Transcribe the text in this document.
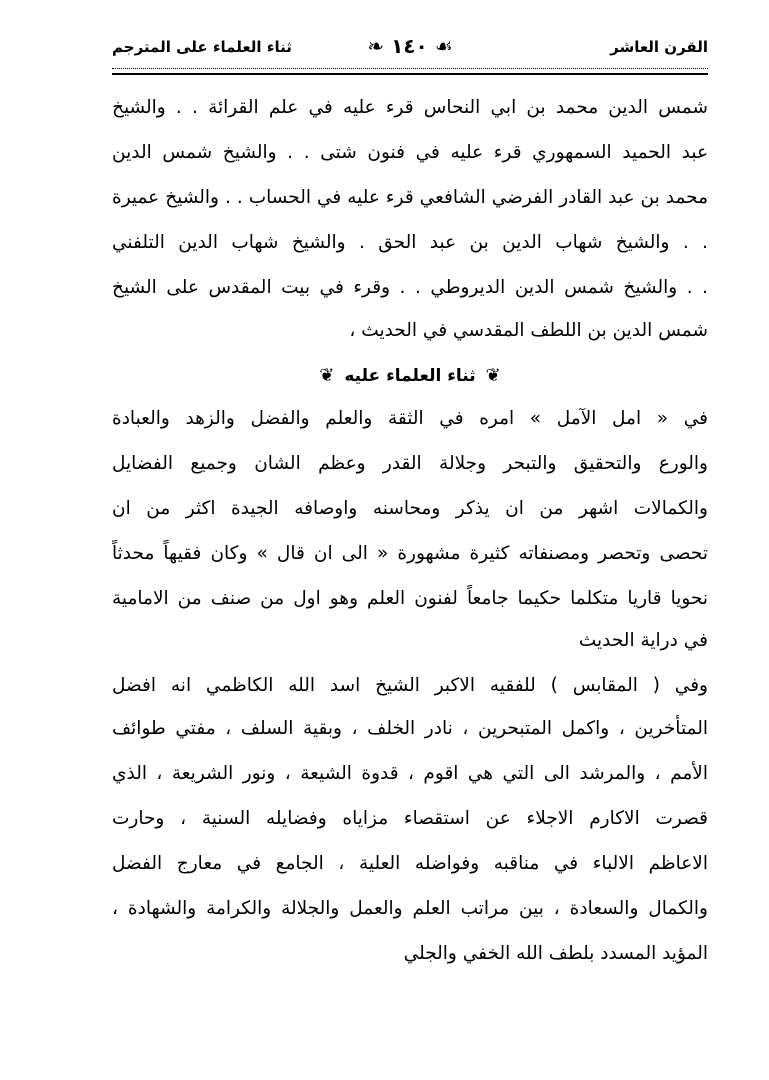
القرن العاشر
❧ ١٤٠ ☙
ثناء العلماء على المترجم
شمس الدين محمد بن ابي النحاس قرء عليه في علم القرائة . . والشيخ
عبد الحميد السمهوري قرء عليه في فنون شتى . . والشيخ شمس الدين
محمد بن عبد القادر الفرضي الشافعي قرء عليه في الحساب . . والشيخ عميرة
. . والشيخ شهاب الدين بن عبد الحق . والشيخ شهاب الدين التلفني
. . والشيخ شمس الدين الديروطي . . وقرء في بيت المقدس على الشيخ
شمس الدين بن اللطف المقدسي في الحديث ،
❦ثناء العلماء عليه❦
في « امل الآمل » امره في الثقة والعلم والفضل والزهد والعبادة
والورع والتحقيق والتبحر وجلالة القدر وعظم الشان وجميع الفضايل
والكمالات اشهر من ان يذكر ومحاسنه واوصافه الجيدة اكثر من ان
تحصى وتحصر ومصنفاته كثيرة مشهورة « الى ان قال » وكان فقيهاً محدثاً
نحويا قاريا متكلما حكيما جامعاً لفنون العلم وهو اول من صنف من الامامية
في دراية الحديث
وفي ( المقابس ) للفقيه الاكبر الشيخ اسد الله الكاظمي انه افضل
المتأخرين ، واكمل المتبحرين ، نادر الخلف ، وبقية السلف ، مفتي طوائف
الأمم ، والمرشد الى التي هي اقوم ، قدوة الشيعة ، ونور الشريعة ، الذي
قصرت الاكارم الاجلاء عن استقصاء مزاياه وفضايله السنية ، وحارت
الاعاظم الالباء في مناقبه وفواضله العلية ، الجامع في معارج الفضل
والكمال والسعادة ، بين مراتب العلم والعمل والجلالة والكرامة والشهادة ،
المؤيد المسدد بلطف الله الخفي والجلي
